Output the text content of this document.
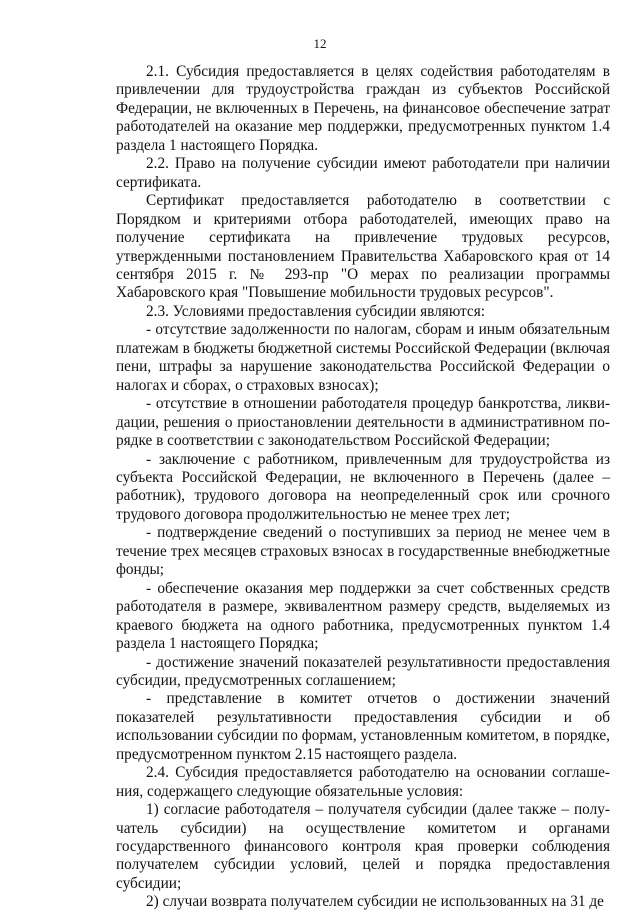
12

2.1. Субсидия предоставляется в целях содействия работодателям в привлечении для трудоустройства граждан из субъектов Российской Федерации, не включенных в Перечень, на финансовое обеспечение затрат работодателей на оказание мер поддержки, предусмотренных пунктом 1.4 раздела 1 настоящего Порядка.

2.2. Право на получение субсидии имеют работодатели при наличии сертификата.

Сертификат предоставляется работодателю в соответствии с Порядком и критериями отбора работодателей, имеющих право на получение сертификата на привлечение трудовых ресурсов, утвержденными постановлением Правительства Хабаровского края от 14 сентября 2015 г. № 293-пр "О мерах по реализации программы Хабаровского края "Повышение мобильности трудовых ресурсов".

2.3. Условиями предоставления субсидии являются:

- отсутствие задолженности по налогам, сборам и иным обязательным платежам в бюджеты бюджетной системы Российской Федерации (включая пени, штрафы за нарушение законодательства Российской Федерации о налогах и сборах, о страховых взносах);

- отсутствие в отношении работодателя процедур банкротства, ликвидации, решения о приостановлении деятельности в административном порядке в соответствии с законодательством Российской Федерации;

- заключение с работником, привлеченным для трудоустройства из субъекта Российской Федерации, не включенного в Перечень (далее – работник), трудового договора на неопределенный срок или срочного трудового договора продолжительностью не менее трех лет;

- подтверждение сведений о поступивших за период не менее чем в течение трех месяцев страховых взносах в государственные внебюджетные фонды;

- обеспечение оказания мер поддержки за счет собственных средств работодателя в размере, эквивалентном размеру средств, выделяемых из краевого бюджета на одного работника, предусмотренных пунктом 1.4 раздела 1 настоящего Порядка;

- достижение значений показателей результативности предоставления субсидии, предусмотренных соглашением;

- представление в комитет отчетов о достижении значений показателей результативности предоставления субсидии и об использовании субсидии по формам, установленным комитетом, в порядке, предусмотренном пунктом 2.15 настоящего раздела.

2.4. Субсидия предоставляется работодателю на основании соглашения, содержащего следующие обязательные условия:

1) согласие работодателя – получателя субсидии (далее также – получатель субсидии) на осуществление комитетом и органами государственного финансового контроля края проверки соблюдения получателем субсидии условий, целей и порядка предоставления субсидии;

2) случаи возврата получателем субсидии не использованных на 31 де
